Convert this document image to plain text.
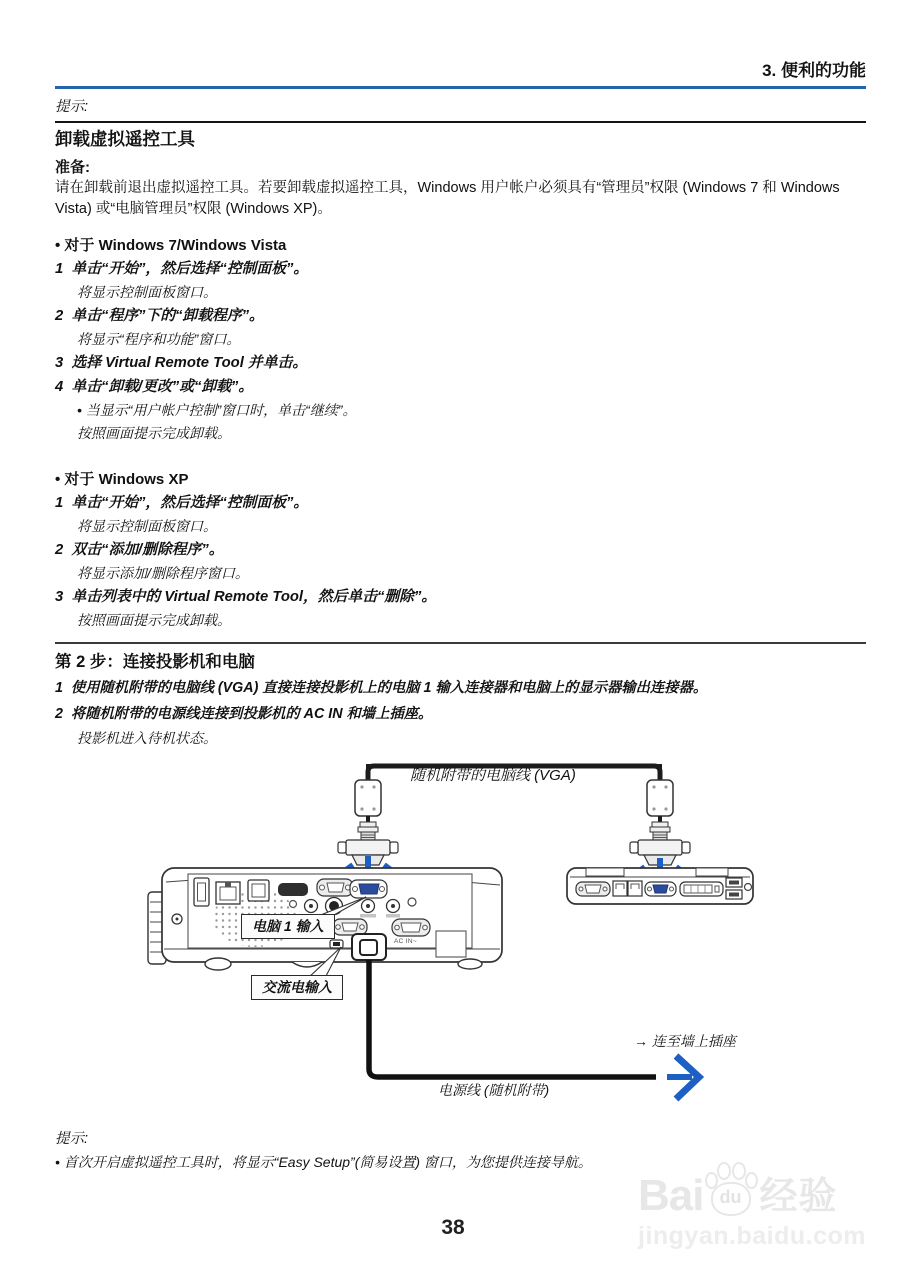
3. 便利的功能
提示:
卸载虚拟遥控工具
准备:
请在卸载前退出虚拟遥控工具。若要卸载虚拟遥控工具，Windows 用户帐户必须具有“管理员”权限 (Windows 7 和 Windows Vista) 或“电脑管理员”权限 (Windows XP)。
• 对于 Windows 7/Windows Vista
1  单击“开始”，然后选择“控制面板”。
将显示控制面板窗口。
2  单击“程序”下的“卸载程序”。
将显示“程序和功能”窗口。
3  选择 Virtual Remote Tool 并单击。
4  单击“卸载/更改”或“卸载”。
• 当显示“用户帐户控制”窗口时，单击“继续”。
按照画面提示完成卸载。
• 对于 Windows XP
1  单击“开始”，然后选择“控制面板”。
将显示控制面板窗口。
2  双击“添加/删除程序”。
将显示添加/删除程序窗口。
3  单击列表中的 Virtual Remote Tool，然后单击“删除”。
按照画面提示完成卸载。
第 2 步：连接投影机和电脑
1  使用随机附带的电脑线 (VGA) 直接连接投影机上的电脑 1 输入连接器和电脑上的显示器输出连接器。
2  将随机附带的电源线连接到投影机的 AC IN 和墙上插座。
投影机进入待机状态。
随机附带的电脑线 (VGA)
电脑 1 输入
交流电输入
AC IN~
→ 连至墙上插座
电源线 (随机附带)
提示:
• 首次开启虚拟遥控工具时，将显示“Easy Setup”(简易设置) 窗口，为您提供连接导航。
Bai du 经验
jingyan.baidu.com
38
